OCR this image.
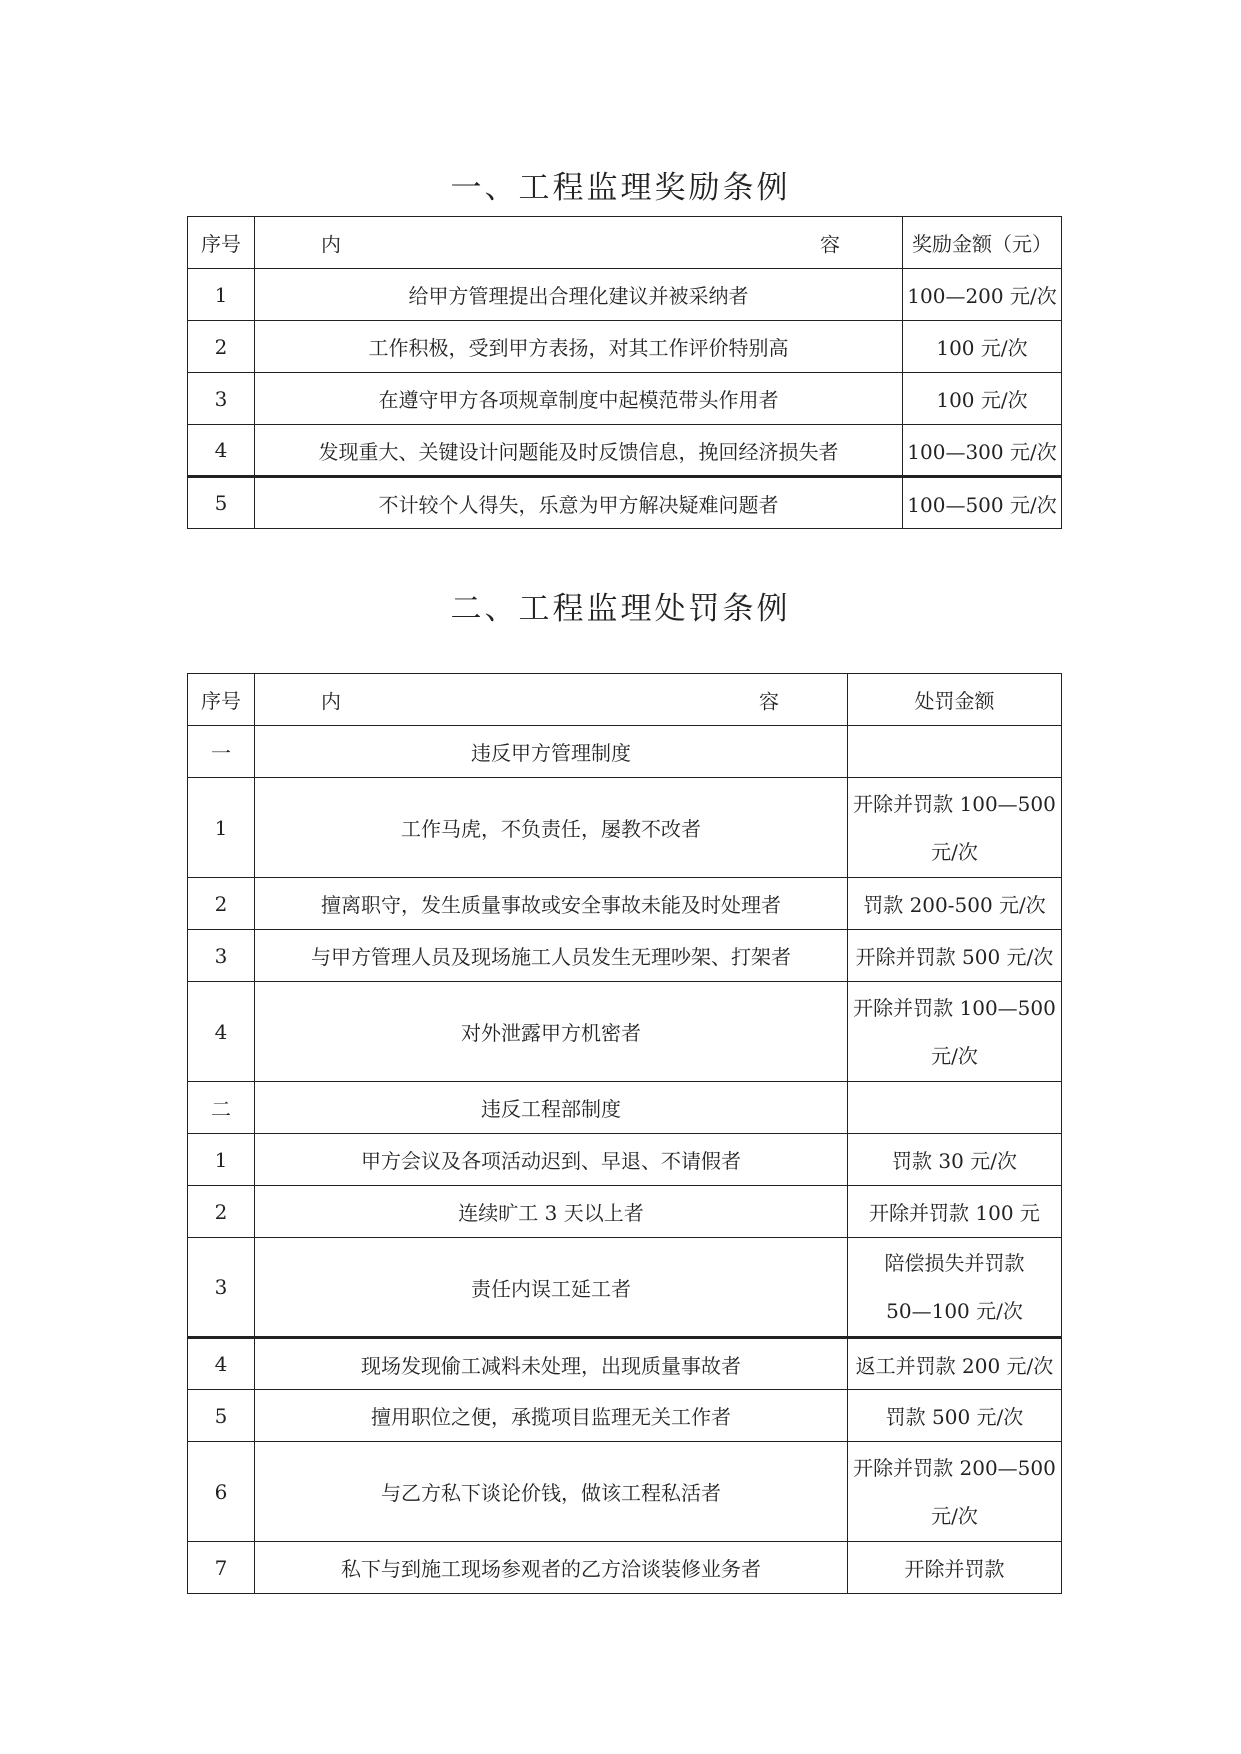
一、工程监理奖励条例
序号	内 容	奖励金额（元）
1	给甲方管理提出合理化建议并被采纳者	100—200 元/次
2	工作积极，受到甲方表扬，对其工作评价特别高	100 元/次
3	在遵守甲方各项规章制度中起模范带头作用者	100 元/次
4	发现重大、关键设计问题能及时反馈信息，挽回经济损失者	100—300 元/次
5	不计较个人得失，乐意为甲方解决疑难问题者	100—500 元/次
二、工程监理处罚条例
序号	内 容	处罚金额
一	违反甲方管理制度	
1	工作马虎，不负责任，屡教不改者	开除并罚款 100—500
元/次

2	擅离职守，发生质量事故或安全事故未能及时处理者	罚款 200-500 元/次
3	与甲方管理人员及现场施工人员发生无理吵架、打架者	开除并罚款 500 元/次
4	对外泄露甲方机密者	开除并罚款 100—500
元/次

二	违反工程部制度	
1	甲方会议及各项活动迟到、早退、不请假者	罚款 30 元/次
2	连续旷工 3 天以上者	开除并罚款 100 元
3	责任内误工延工者	陪偿损失并罚款
50—100 元/次

4	现场发现偷工减料未处理，出现质量事故者	返工并罚款 200 元/次
5	擅用职位之便，承揽项目监理无关工作者	罚款 500 元/次
6	与乙方私下谈论价钱，做该工程私活者	开除并罚款 200—500
元/次

7	私下与到施工现场参观者的乙方洽谈装修业务者	开除并罚款
